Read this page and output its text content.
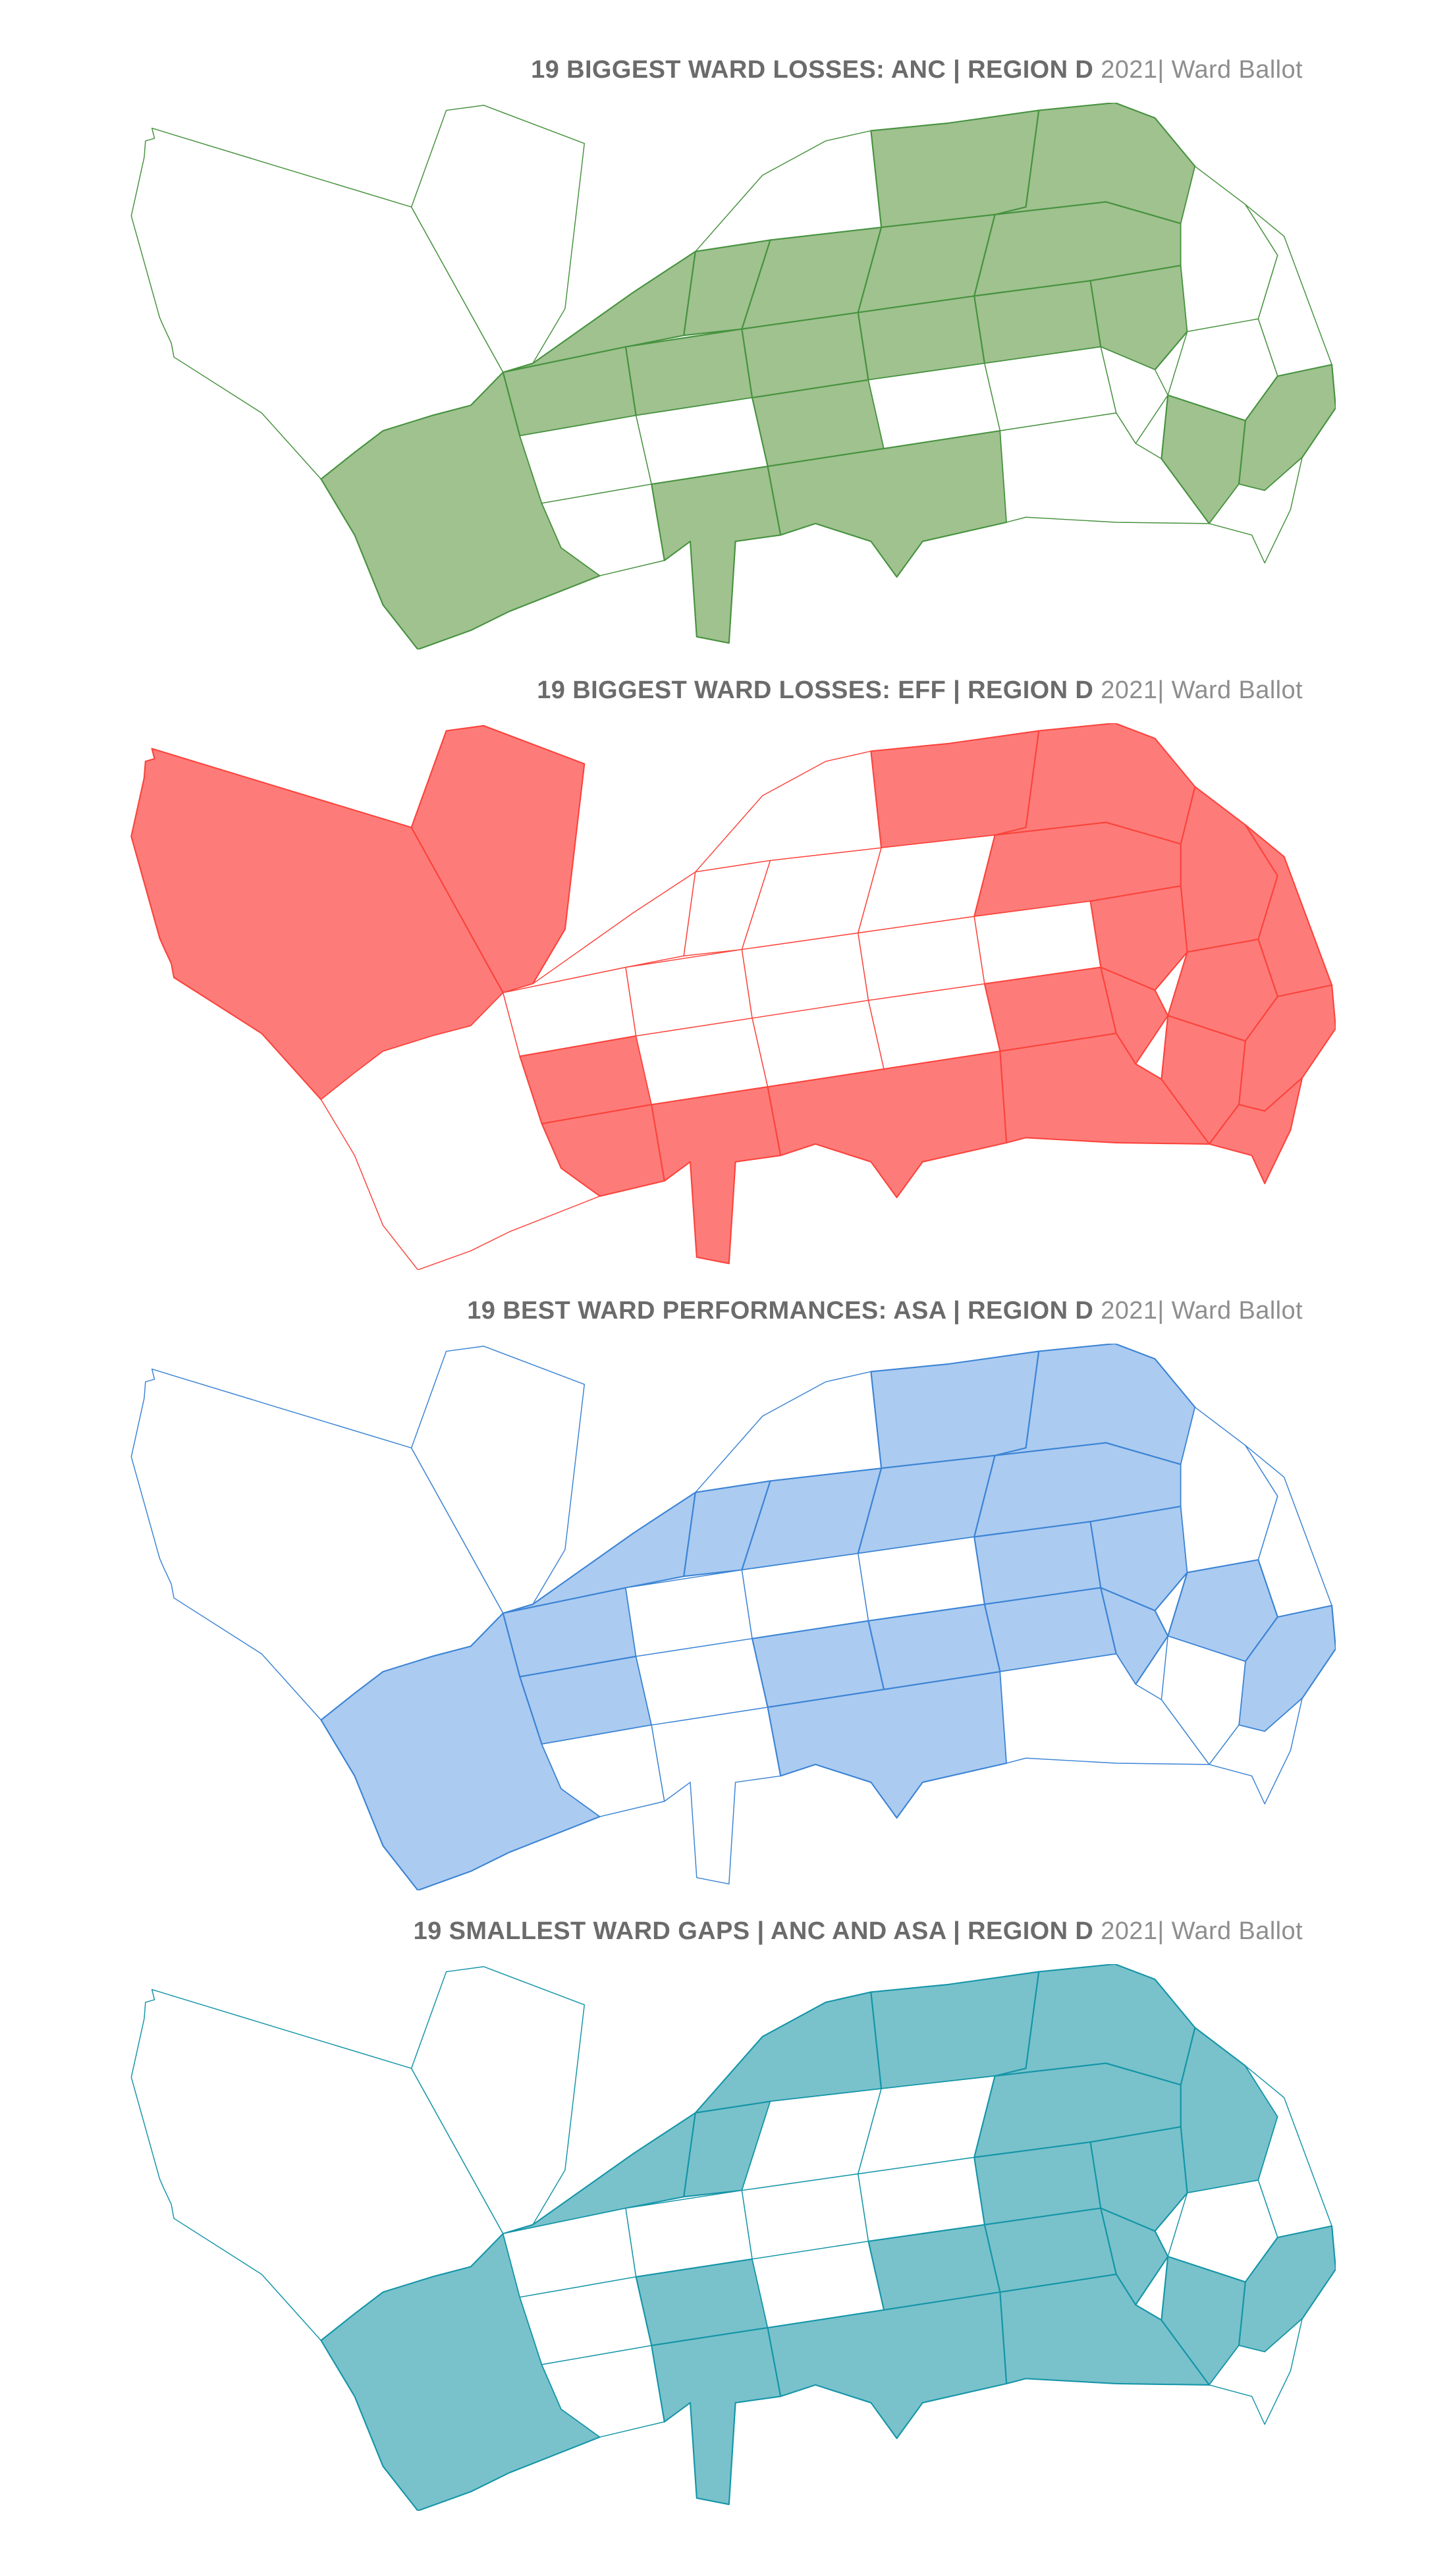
19 BIGGEST WARD LOSSES: ANC | REGION D 2021| Ward Ballot
19 BIGGEST WARD LOSSES: EFF | REGION D 2021| Ward Ballot
19 BEST WARD PERFORMANCES: ASA | REGION D 2021| Ward Ballot
19 SMALLEST WARD GAPS | ANC AND ASA | REGION D 2021| Ward Ballot
